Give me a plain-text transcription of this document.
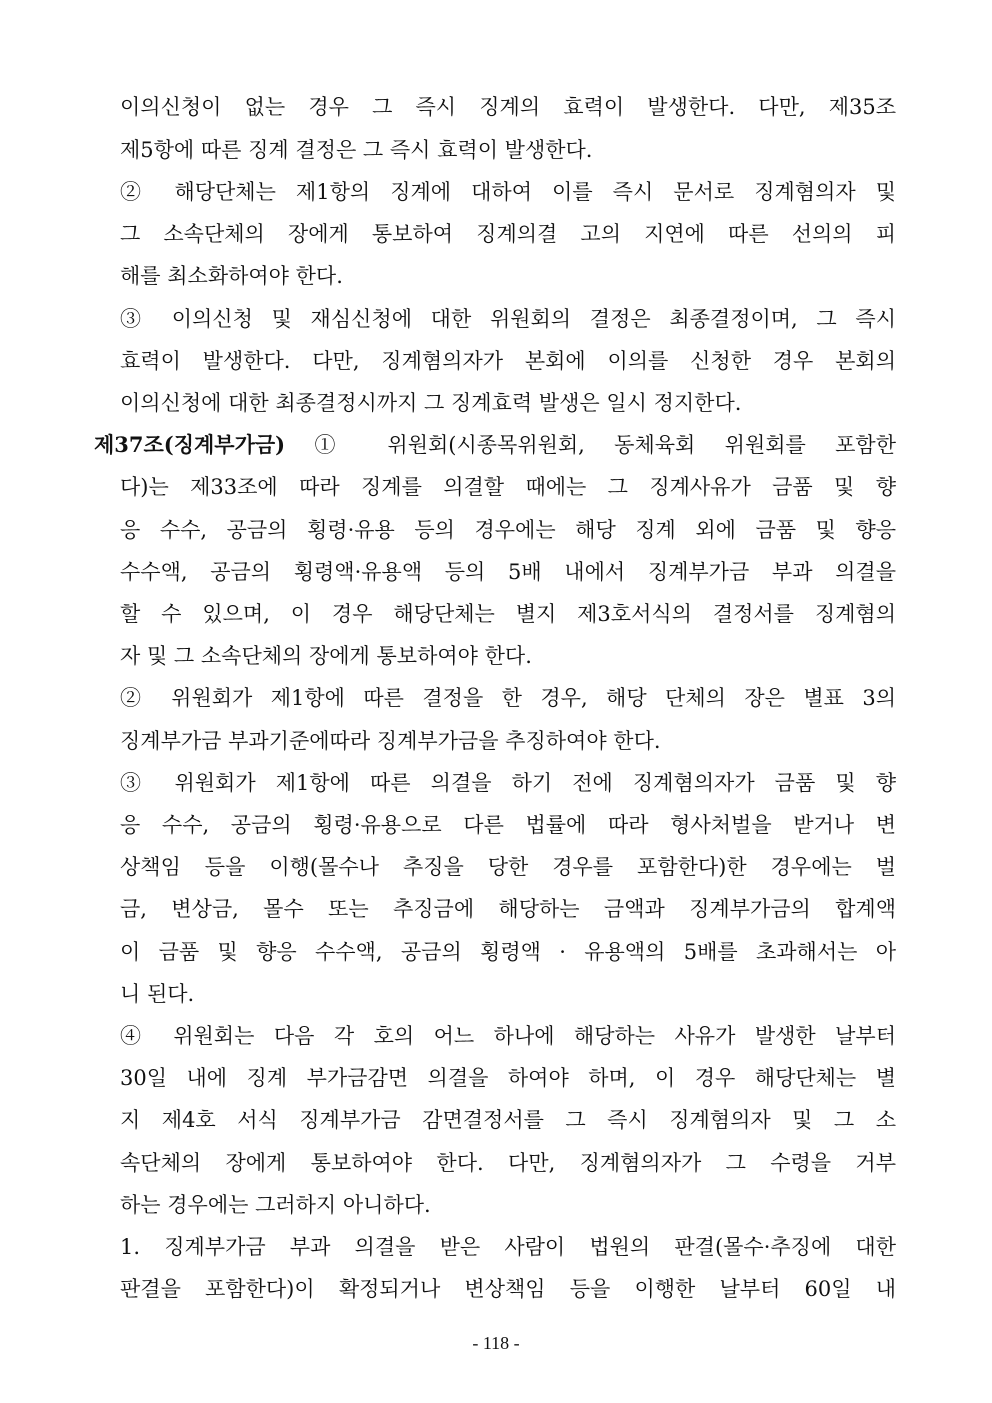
이의신청이 없는 경우 그 즉시 징계의 효력이 발생한다. 다만, 제35조
제5항에 따른 징계 결정은 그 즉시 효력이 발생한다.
② 해당단체는 제1항의 징계에 대하여 이를 즉시 문서로 징계혐의자 및
그 소속단체의 장에게 통보하여 징계의결 고의 지연에 따른 선의의 피
해를 최소화하여야 한다.
③ 이의신청 및 재심신청에 대한 위원회의 결정은 최종결정이며, 그 즉시
효력이 발생한다. 다만, 징계혐의자가 본회에 이의를 신청한 경우 본회의
이의신청에 대한 최종결정시까지 그 징계효력 발생은 일시 정지한다.
제37조(징계부가금) ① 위원회(시종목위원회, 동체육회 위원회를 포함한
다)는 제33조에 따라 징계를 의결할 때에는 그 징계사유가 금품 및 향
응 수수, 공금의 횡령·유용 등의 경우에는 해당 징계 외에 금품 및 향응
수수액, 공금의 횡령액·유용액 등의 5배 내에서 징계부가금 부과 의결을
할 수 있으며, 이 경우 해당단체는 별지 제3호서식의 결정서를 징계혐의
자 및 그 소속단체의 장에게 통보하여야 한다.
② 위원회가 제1항에 따른 결정을 한 경우, 해당 단체의 장은 별표 3의
징계부가금 부과기준에따라 징계부가금을 추징하여야 한다.
③ 위원회가 제1항에 따른 의결을 하기 전에 징계혐의자가 금품 및 향
응 수수, 공금의 횡령·유용으로 다른 법률에 따라 형사처벌을 받거나 변
상책임 등을 이행(몰수나 추징을 당한 경우를 포함한다)한 경우에는 벌
금, 변상금, 몰수 또는 추징금에 해당하는 금액과 징계부가금의 합계액
이 금품 및 향응 수수액, 공금의 횡령액 · 유용액의 5배를 초과해서는 아
니 된다.
④ 위원회는 다음 각 호의 어느 하나에 해당하는 사유가 발생한 날부터
30일 내에 징계 부가금감면 의결을 하여야 하며, 이 경우 해당단체는 별
지 제4호 서식 징계부가금 감면결정서를 그 즉시 징계혐의자 및 그 소
속단체의 장에게 통보하여야 한다. 다만, 징계혐의자가 그 수령을 거부
하는 경우에는 그러하지 아니하다.
1. 징계부가금 부과 의결을 받은 사람이 법원의 판결(몰수·추징에 대한
판결을 포함한다)이 확정되거나 변상책임 등을 이행한 날부터 60일 내
- 118 -
